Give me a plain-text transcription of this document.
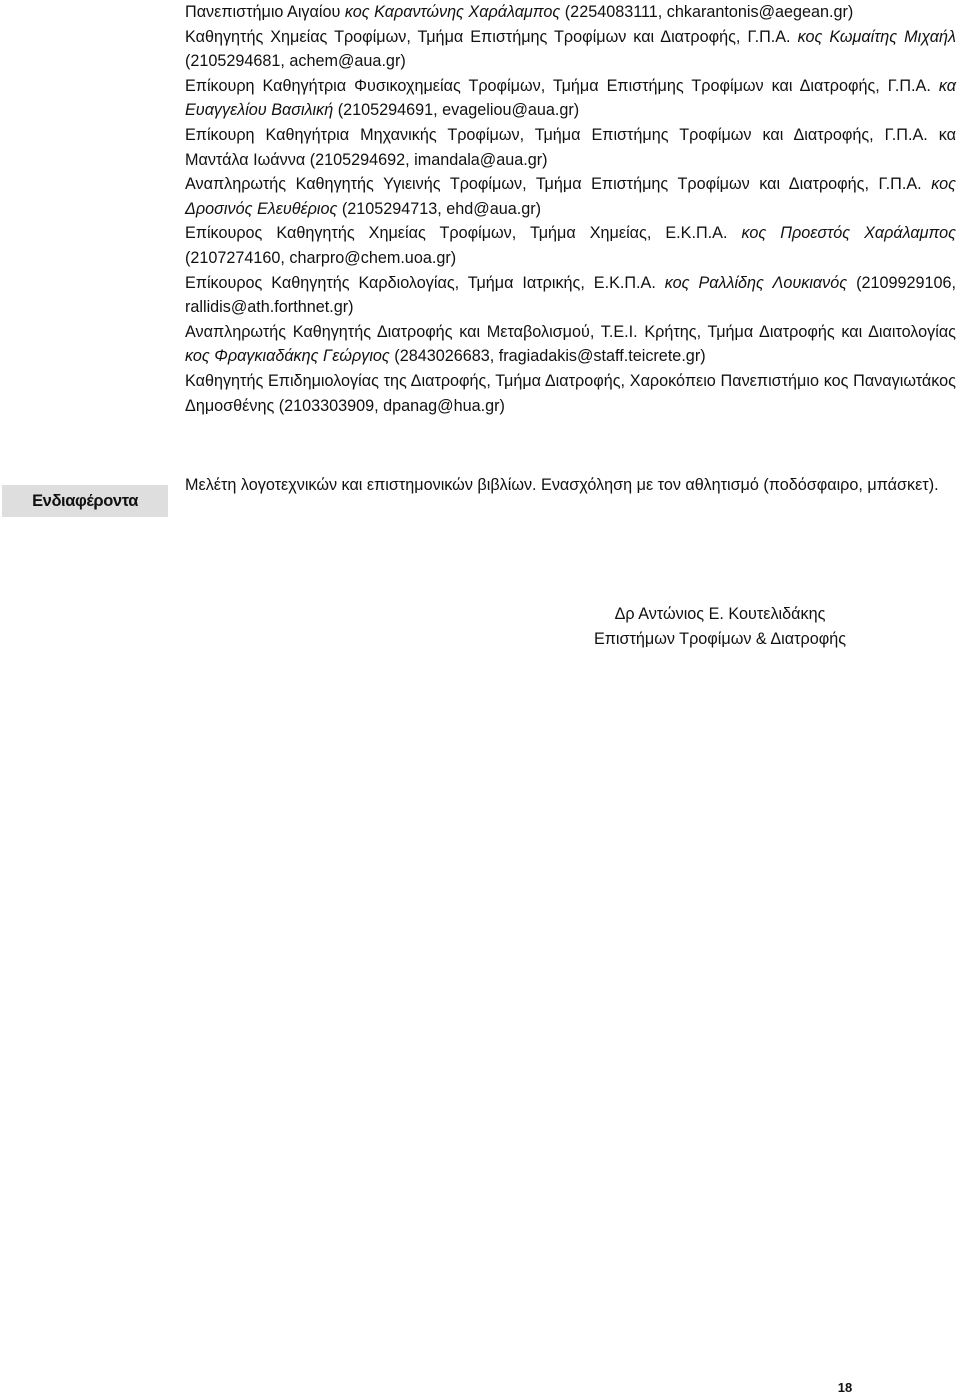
Πανεπιστήμιο Αιγαίου κος Καραντώνης Χαράλαμπος (2254083111, chkarantonis@aegean.gr)

Καθηγητής Χημείας Τροφίμων, Τμήμα Επιστήμης Τροφίμων και Διατροφής, Γ.Π.Α. κος Κωμαίτης Μιχαήλ (2105294681, achem@aua.gr)

Επίκουρη Καθηγήτρια Φυσικοχημείας Τροφίμων, Τμήμα Επιστήμης Τροφίμων και Διατροφής, Γ.Π.Α. κα Ευαγγελίου Βασιλική (2105294691, evageliou@aua.gr)

Επίκουρη Καθηγήτρια Μηχανικής Τροφίμων, Τμήμα Επιστήμης Τροφίμων και Διατροφής, Γ.Π.Α. κα Μαντάλα Ιωάννα (2105294692, imandala@aua.gr)

Αναπληρωτής Καθηγητής Υγιεινής Τροφίμων, Τμήμα Επιστήμης Τροφίμων και Διατροφής, Γ.Π.Α. κος Δροσινός Ελευθέριος (2105294713, ehd@aua.gr)

Επίκουρος Καθηγητής Χημείας Τροφίμων, Τμήμα Χημείας, Ε.Κ.Π.Α. κος Προεστός Χαράλαμπος (2107274160, charpro@chem.uoa.gr)

Επίκουρος Καθηγητής Καρδιολογίας, Τμήμα Ιατρικής, Ε.Κ.Π.Α. κος Ραλλίδης Λουκιανός (2109929106, rallidis@ath.forthnet.gr)

Αναπληρωτής Καθηγητής Διατροφής και Μεταβολισμού, Τ.Ε.Ι. Κρήτης, Τμήμα Διατροφής και Διαιτολογίας κος Φραγκιαδάκης Γεώργιος (2843026683, fragiadakis@staff.teicrete.gr)

Καθηγητής Επιδημιολογίας της Διατροφής, Τμήμα Διατροφής, Χαροκόπειο Πανεπιστήμιο κος Παναγιωτάκος Δημοσθένης (2103303909, dpanag@hua.gr)

Ενδιαφέροντα
Μελέτη λογοτεχνικών και επιστημονικών βιβλίων. Ενασχόληση με τον αθλητισμό (ποδόσφαιρο, μπάσκετ).
Δρ Αντώνιος Ε. Κουτελιδάκης
Επιστήμων Τροφίμων & Διατροφής
18
